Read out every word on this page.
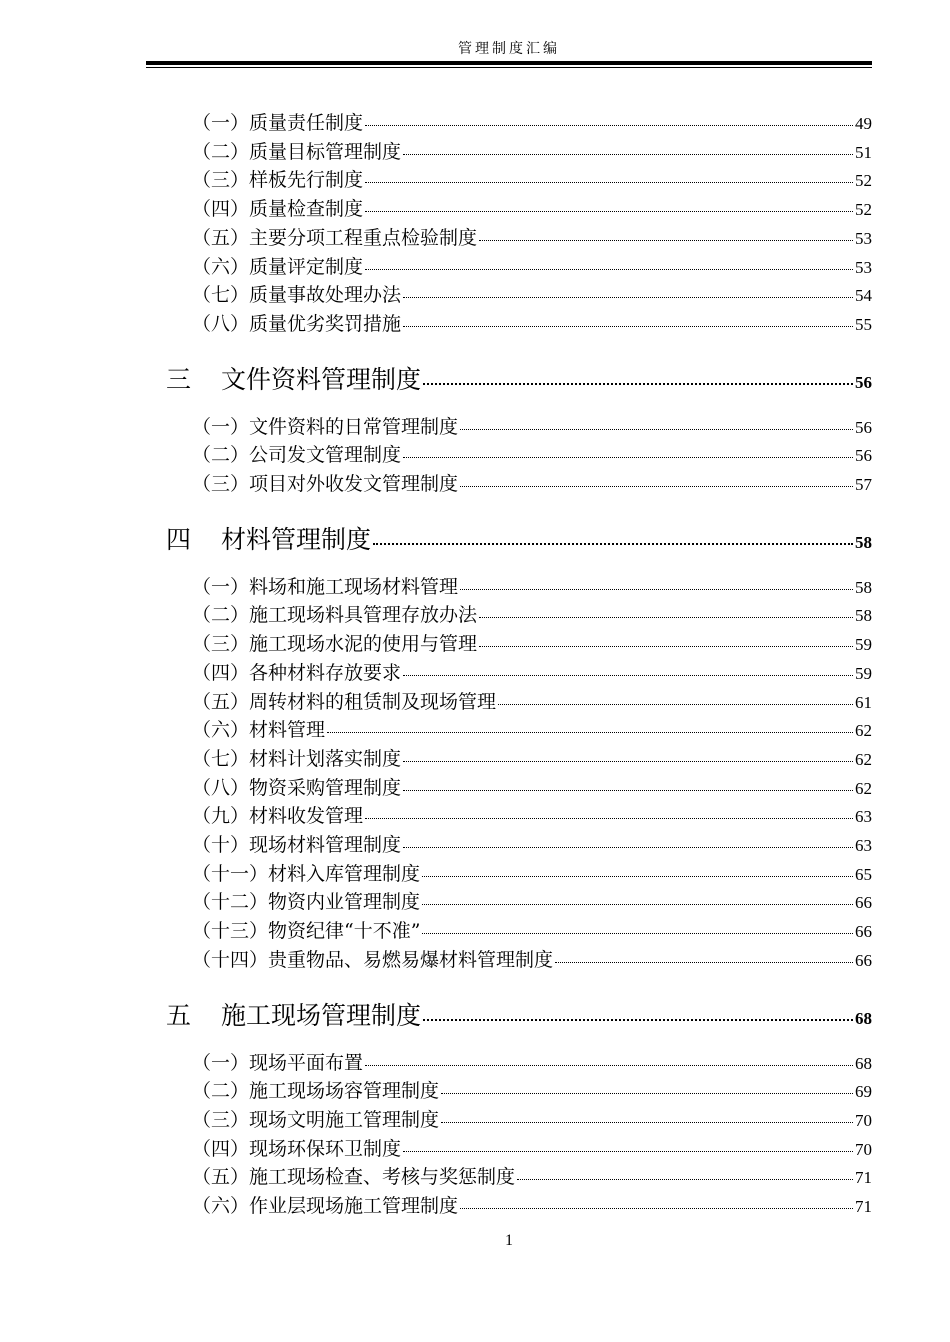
管理制度汇编
（一）质量责任制度	49
（二）质量目标管理制度	51
（三）样板先行制度	52
（四）质量检查制度	52
（五）主要分项工程重点检验制度	53
（六）质量评定制度	53
（七）质量事故处理办法	54
（八）质量优劣奖罚措施	55
三 文件资料管理制度	56
（一）文件资料的日常管理制度	56
（二）公司发文管理制度	56
（三）项目对外收发文管理制度	57
四 材料管理制度	58
（一）料场和施工现场材料管理	58
（二）施工现场料具管理存放办法	58
（三）施工现场水泥的使用与管理	59
（四）各种材料存放要求	59
（五）周转材料的租赁制及现场管理	61
（六）材料管理	62
（七）材料计划落实制度	62
（八）物资采购管理制度	62
（九）材料收发管理	63
（十）现场材料管理制度	63
（十一）材料入库管理制度	65
（十二）物资内业管理制度	66
（十三）物资纪律“十不准”	66
（十四）贵重物品、易燃易爆材料管理制度	66
五 施工现场管理制度	68
（一）现场平面布置	68
（二）施工现场场容管理制度	69
（三）现场文明施工管理制度	70
（四）现场环保环卫制度	70
（五）施工现场检查、考核与奖惩制度	71
（六）作业层现场施工管理制度	71
1
